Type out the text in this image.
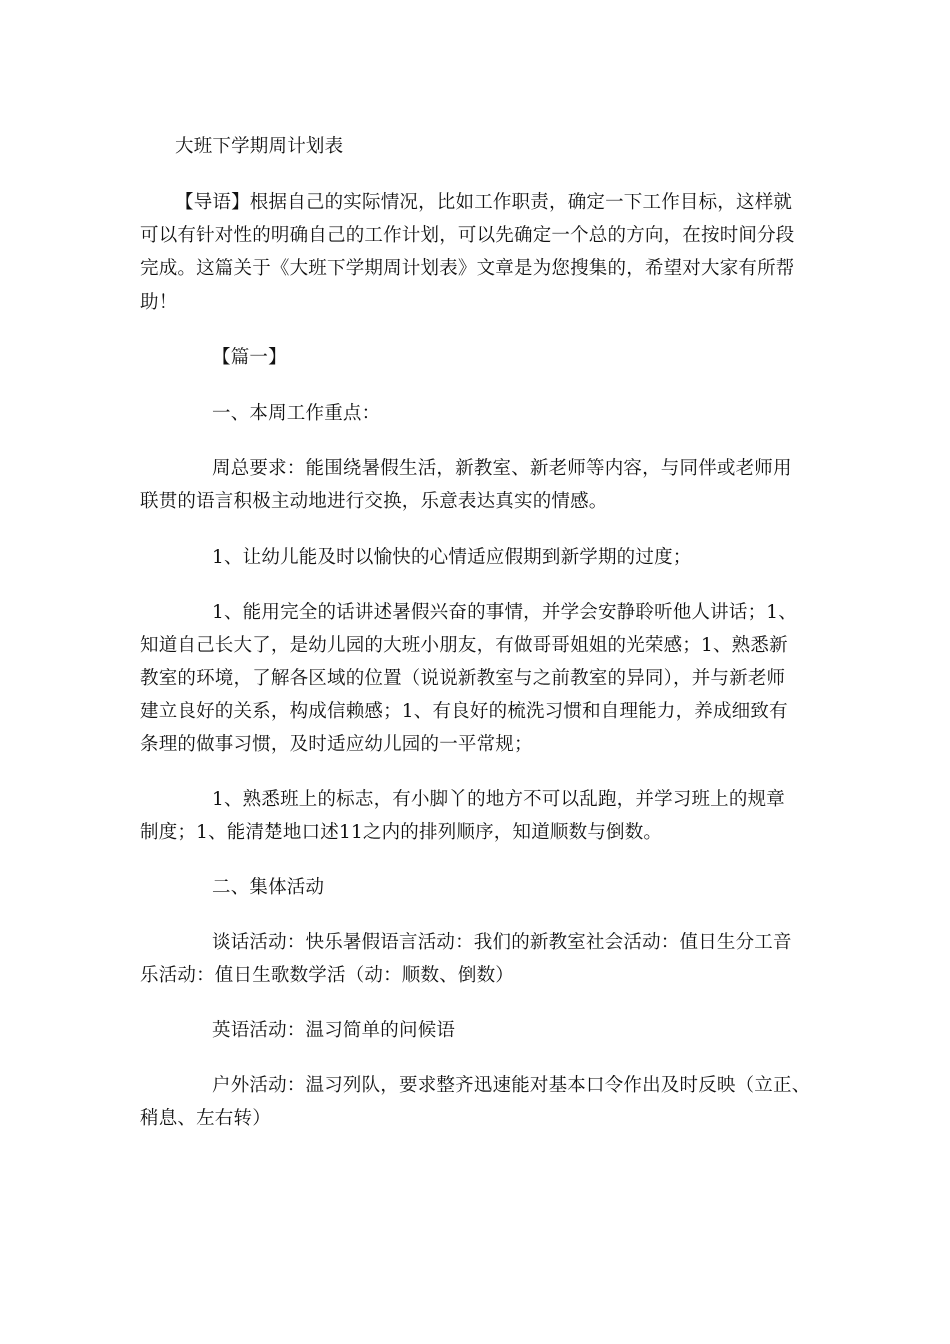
大班下学期周计划表
【导语】根据自己的实际情况，比如工作职责，确定一下工作目标，这样就
可以有针对性的明确自己的工作计划，可以先确定一个总的方向，在按时间分段
完成。这篇关于《大班下学期周计划表》文章是为您搜集的，希望对大家有所帮
助！
【篇一】
一、本周工作重点：
周总要求：能围绕暑假生活，新教室、新老师等内容，与同伴或老师用
联贯的语言积极主动地进行交换，乐意表达真实的情感。
1、让幼儿能及时以愉快的心情适应假期到新学期的过度；
1、能用完全的话讲述暑假兴奋的事情，并学会安静聆听他人讲话；1、
知道自己长大了，是幼儿园的大班小朋友，有做哥哥姐姐的光荣感；1、熟悉新
教室的环境，了解各区域的位置（说说新教室与之前教室的异同），并与新老师
建立良好的关系，构成信赖感；1、有良好的梳洗习惯和自理能力，养成细致有
条理的做事习惯，及时适应幼儿园的一平常规；
1、熟悉班上的标志，有小脚丫的地方不可以乱跑，并学习班上的规章
制度；1、能清楚地口述11之内的排列顺序，知道顺数与倒数。
二、集体活动
谈话活动：快乐暑假语言活动：我们的新教室社会活动：值日生分工音
乐活动：值日生歌数学活（动：顺数、倒数）
英语活动：温习简单的问候语
户外活动：温习列队，要求整齐迅速能对基本口令作出及时反映（立正、
稍息、左右转）
